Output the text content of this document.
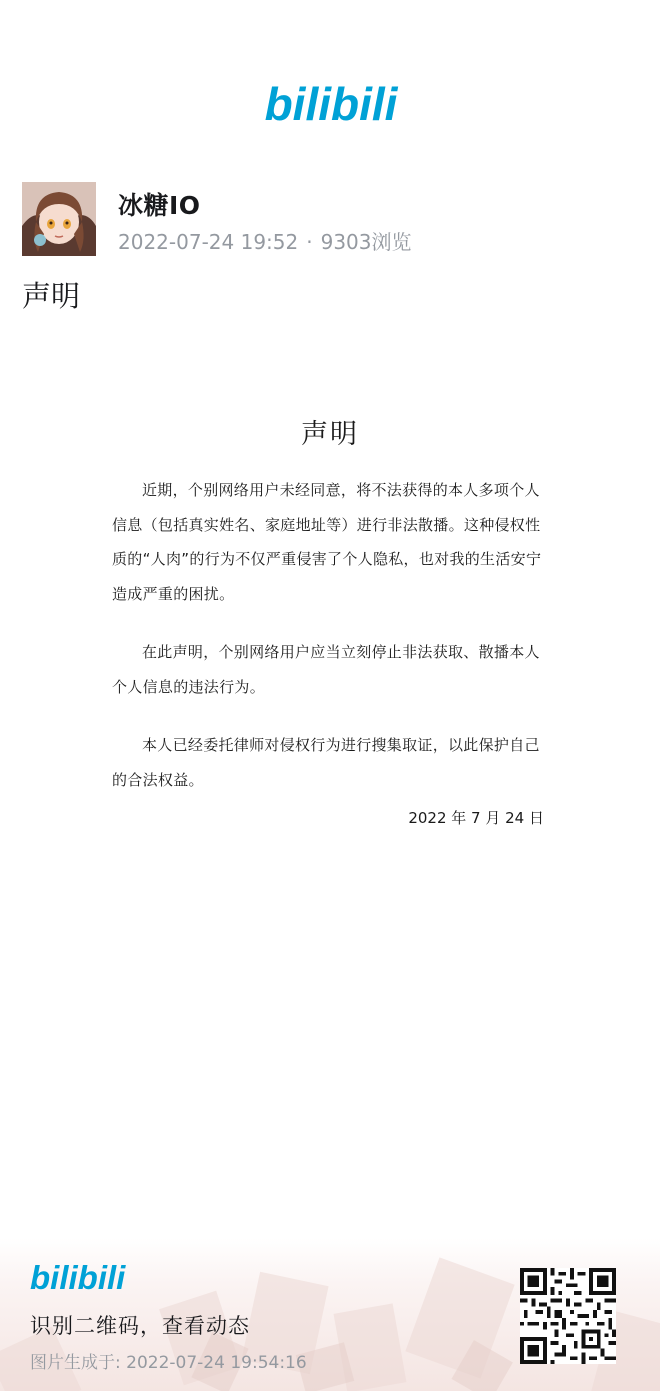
bilibili
冰糖IO
2022-07-24 19:52 · 9303浏览
声明
声明

近期，个别网络用户未经同意，将不法获得的本人多项个人信息（包括真实姓名、家庭地址等）进行非法散播。这种侵权性质的“人肉”的行为不仅严重侵害了个人隐私，也对我的生活安宁造成严重的困扰。

在此声明，个别网络用户应当立刻停止非法获取、散播本人个人信息的违法行为。

本人已经委托律师对侵权行为进行搜集取证，以此保护自己的合法权益。

2022 年 7 月 24 日
bilibili
识别二维码，查看动态
图片生成于: 2022-07-24 19:54:16
